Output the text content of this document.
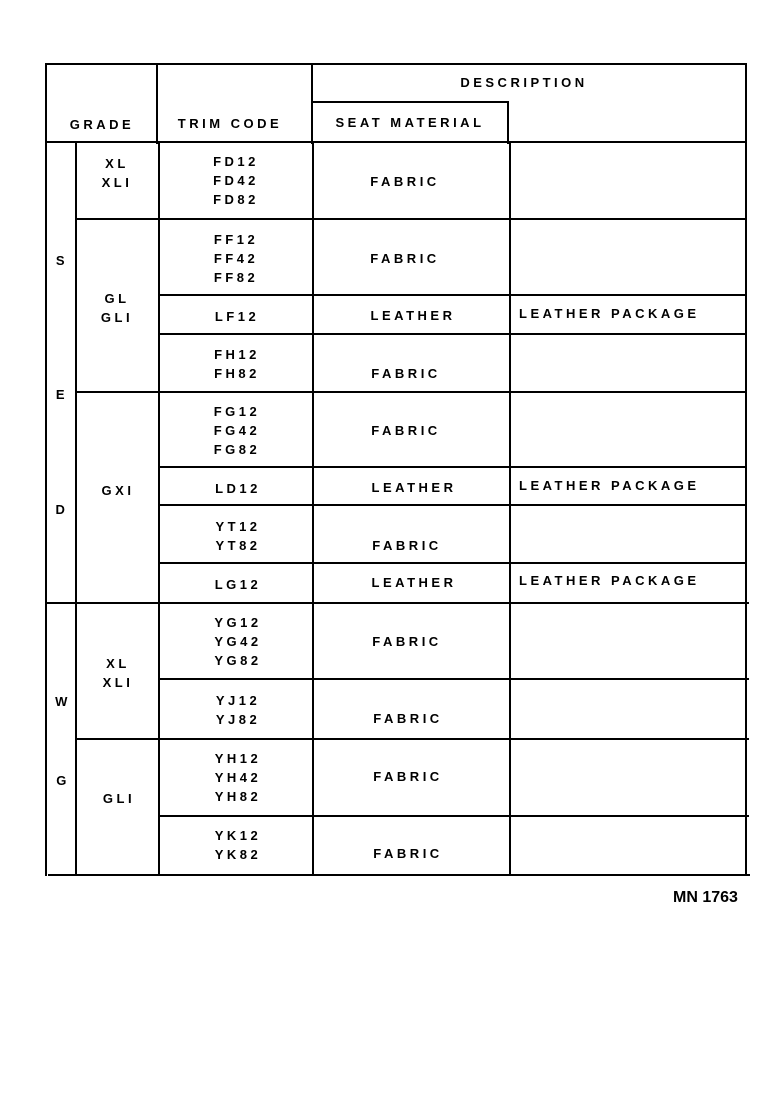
DESCRIPTION
GRADE	TRIM CODE	SEAT MATERIAL
S
E
D
W
G
XL
XLI
GL
GLI
GXI
XL
XLI
GLI
FD12
FD42
FD82
FF12
FF42
FF82
LF12
FH12
FH82
FG12
FG42
FG82
LD12
YT12
YT82
LG12
YG12
YG42
YG82
YJ12
YJ82
YH12
YH42
YH82
YK12
YK82
FABRIC
FABRIC
LEATHER
FABRIC
FABRIC
LEATHER
FABRIC
LEATHER
FABRIC
FABRIC
FABRIC
FABRIC
LEATHER PACKAGE
LEATHER PACKAGE
LEATHER PACKAGE
MN 1763
